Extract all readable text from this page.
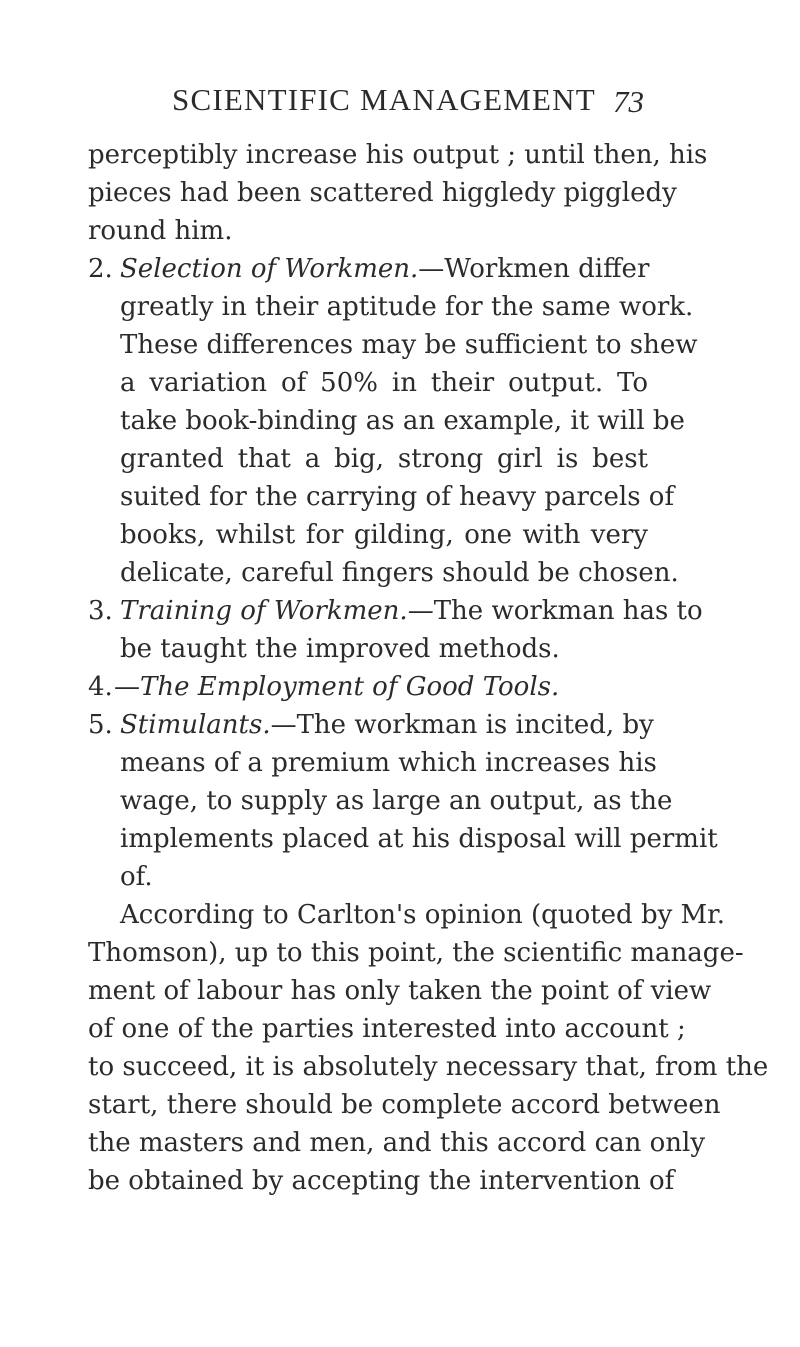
SCIENTIFIC MANAGEMENT 73
perceptibly increase his output ; until then, his
pieces had been scattered higgledy piggledy
round him.
2. Selection of Workmen.—Workmen differ
greatly in their aptitude for the same work.
These differences may be sufficient to shew
a variation of 50% in their output. To
take book-binding as an example, it will be
granted that a big, strong girl is best
suited for the carrying of heavy parcels of
books, whilst for gilding, one with very
delicate, careful fingers should be chosen.
3. Training of Workmen.—The workman has to
be taught the improved methods.
4. —The Employment of Good Tools.
5. Stimulants.—The workman is incited, by
means of a premium which increases his
wage, to supply as large an output, as the
implements placed at his disposal will permit
of.
According to Carlton's opinion (quoted by Mr.
Thomson), up to this point, the scientific manage-
ment of labour has only taken the point of view
of one of the parties interested into account ;
to succeed, it is absolutely necessary that, from the
start, there should be complete accord between
the masters and men, and this accord can only
be obtained by accepting the intervention of
